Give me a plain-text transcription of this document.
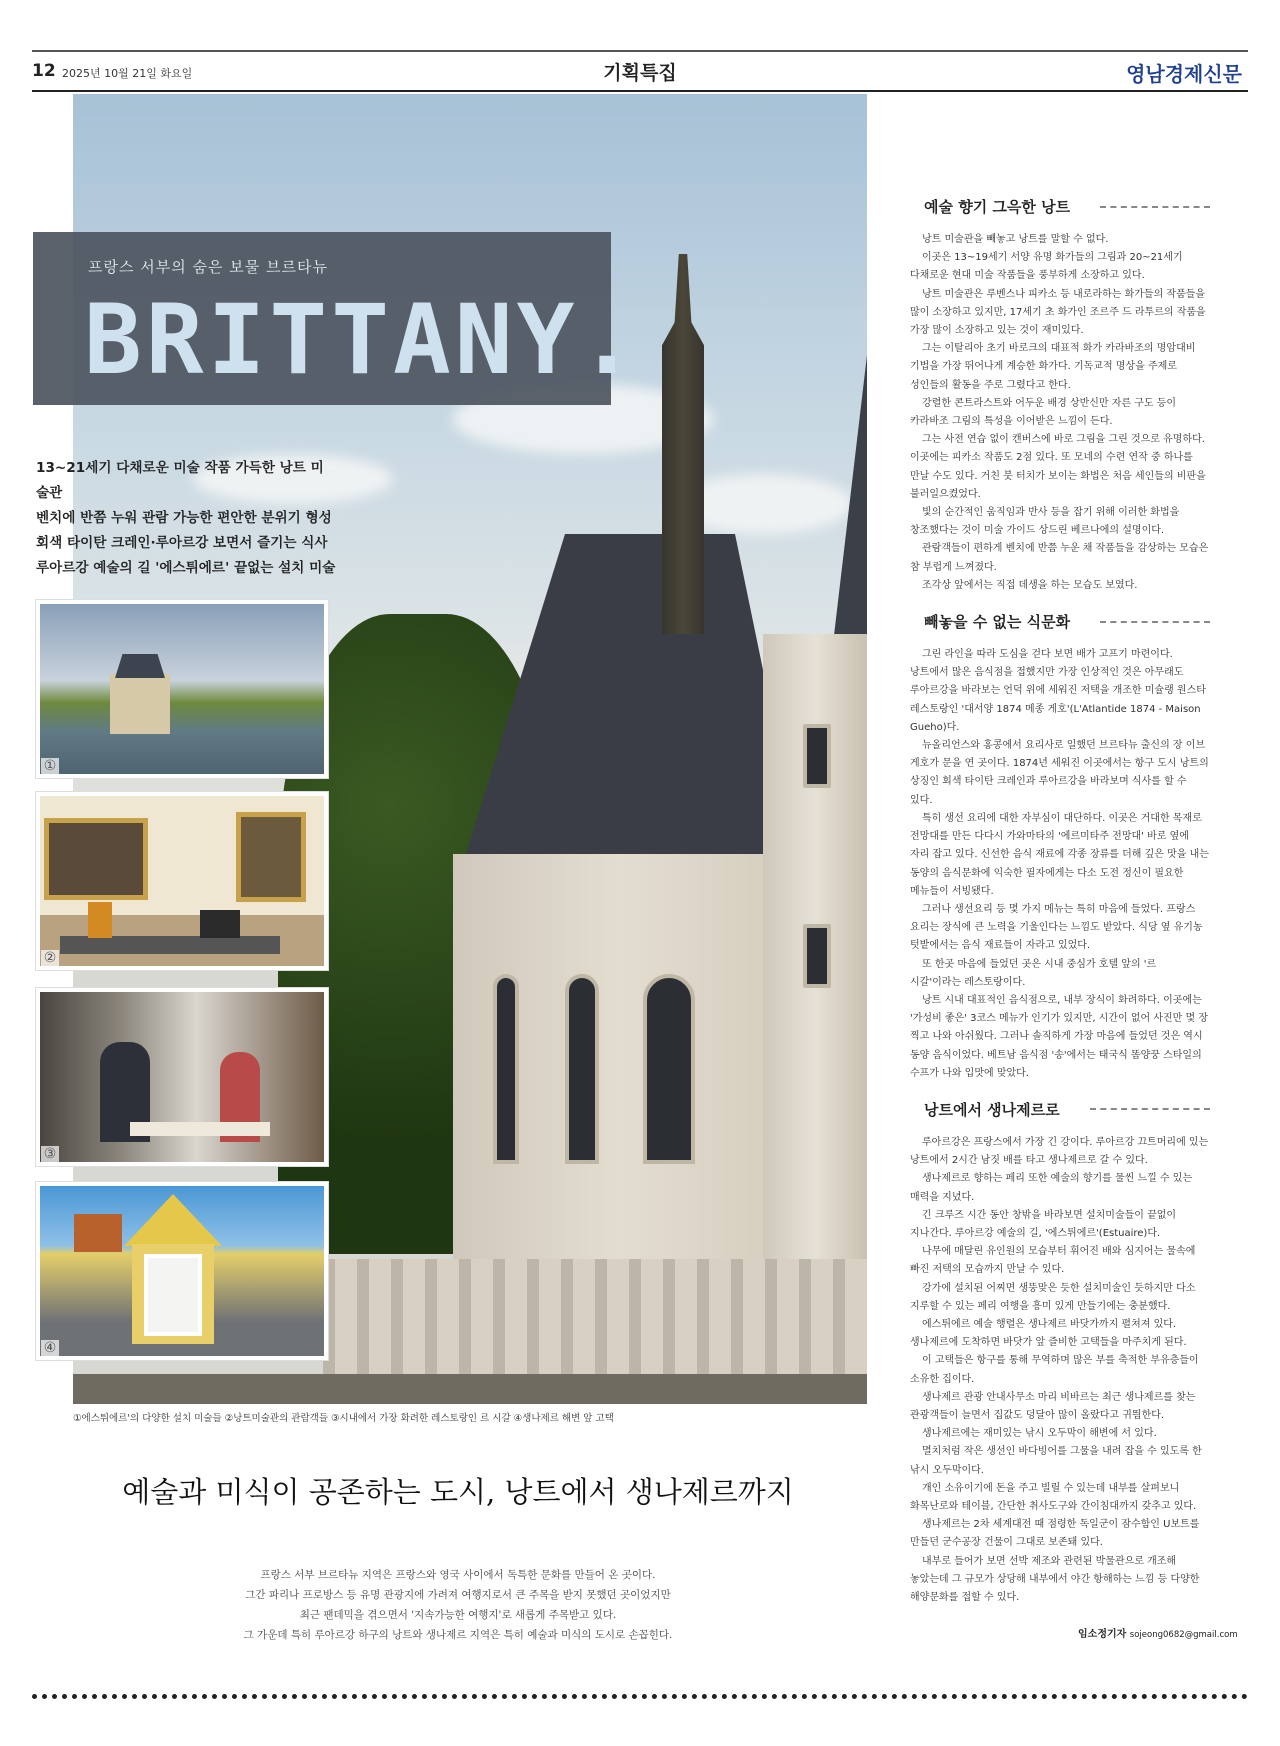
12 2025년 10월 21일 화요일	기획특집	영남경제신문
프랑스 서부의 숨은 보물 브르타뉴
BRITTANY.
13~21세기 다채로운 미술 작품 가득한 낭트 미술관
벤치에 반쯤 누워 관람 가능한 편안한 분위기 형성
회색 타이탄 크레인·루아르강 보면서 즐기는 식사
루아르강 예술의 길 '에스튀에르' 끝없는 설치 미술
①
②
③
④
①에스튀에르'의 다양한 설치 미술들 ②낭트미술관의 관람객들 ③시내에서 가장 화려한 레스토랑인 르 시갈 ④생나제르 해변 앞 고택
예술과 미식이 공존하는 도시, 낭트에서 생나제르까지
프랑스 서부 브르타뉴 지역은 프랑스와 영국 사이에서 독특한 문화를 만들어 온 곳이다.
그간 파리나 프로방스 등 유명 관광지에 가려져 여행지로서 큰 주목을 받지 못했던 곳이었지만
최근 팬데믹을 겪으면서 '지속가능한 여행지'로 새롭게 주목받고 있다.
그 가운데 특히 루아르강 하구의 낭트와 생나제르 지역은 특히 예술과 미식의 도시로 손꼽힌다.
예술 향기 그윽한 낭트

낭트 미술관을 빼놓고 낭트를 말할 수 없다.

이곳은 13~19세기 서양 유명 화가들의 그림과 20~21세기 다채로운 현대 미술 작품들을 풍부하게 소장하고 있다.

낭트 미술관은 루벤스나 피카소 등 내로라하는 화가들의 작품들을 많이 소장하고 있지만, 17세기 초 화가인 조르주 드 라투르의 작품을 가장 많이 소장하고 있는 것이 재미있다.

그는 이탈리아 초기 바로크의 대표적 화가 카라바조의 명암대비 기법을 가장 뛰어나게 계승한 화가다. 기독교적 명상을 주제로 성인들의 활동을 주로 그렸다고 한다.

강렬한 콘트라스트와 어두운 배경 상반신만 자른 구도 등이 카라바조 그림의 특성을 이어받은 느낌이 든다.

그는 사전 연습 없이 캔버스에 바로 그림을 그린 것으로 유명하다. 이곳에는 피카소 작품도 2점 있다. 또 모네의 수련 연작 중 하나를 만날 수도 있다. 거친 붓 터치가 보이는 화법은 처음 세인들의 비판을 불러일으켰었다.

빛의 순간적인 움직임과 반사 등을 잡기 위해 이러한 화법을 창조했다는 것이 미술 가이드 상드린 베르나에의 설명이다.

관람객들이 편하게 벤치에 반쯤 누운 채 작품들을 감상하는 모습은 참 부럽게 느껴졌다.

조각상 앞에서는 직접 데생을 하는 모습도 보였다.

빼놓을 수 없는 식문화

그린 라인을 따라 도심을 걷다 보면 배가 고프기 마련이다. 낭트에서 많은 음식점을 접했지만 가장 인상적인 것은 아무래도 루아르강을 바라보는 언덕 위에 세워진 저택을 개조한 미슐랭 원스타 레스토랑인 '대서양 1874 메종 게호'(L'Atlantide 1874 - Maison Gueho)다.

뉴올리언스와 홍콩에서 요리사로 일했던 브르타뉴 출신의 장 이브 게호가 문을 연 곳이다. 1874년 세워진 이곳에서는 항구 도시 낭트의 상징인 회색 타이탄 크레인과 루아르강을 바라보며 식사를 할 수 있다.

특히 생선 요리에 대한 자부심이 대단하다. 이곳은 거대한 목재로 전망대를 만든 다다시 가와마타의 '에르미타주 전망대' 바로 옆에 자리 잡고 있다. 신선한 음식 재료에 각종 장류를 더해 깊은 맛을 내는 동양의 음식문화에 익숙한 필자에게는 다소 도전 정신이 필요한 메뉴들이 서빙됐다.

그러나 생선요리 등 몇 가지 메뉴는 특히 마음에 들었다. 프랑스 요리는 장식에 큰 노력을 기울인다는 느낌도 받았다. 식당 옆 유기농 텃밭에서는 음식 재료들이 자라고 있었다.

또 한곳 마음에 들었던 곳은 시내 중심가 호텔 앞의 '르 시갈'이라는 레스토랑이다.

낭트 시내 대표적인 음식점으로, 내부 장식이 화려하다. 이곳에는 '가성비 좋은' 3코스 메뉴가 인기가 있지만, 시간이 없어 사진만 몇 장 찍고 나와 아쉬웠다. 그러나 솔직하게 가장 마음에 들었던 것은 역시 동양 음식이었다. 베트남 음식점 '송'에서는 태국식 똠양꿍 스타일의 수프가 나와 입맛에 맞았다.

낭트에서 생나제르로

루아르강은 프랑스에서 가장 긴 강이다. 루아르강 끄트머리에 있는 낭트에서 2시간 남짓 배를 타고 생나제르로 갈 수 있다.

생나제르로 향하는 페리 또한 예술의 향기를 물씬 느낄 수 있는 매력을 지녔다.

긴 크루즈 시간 동안 창밖을 바라보면 설치미술들이 끝없이 지나간다. 루아르강 예술의 길, '에스튀에르'(Estuaire)다.

나무에 매달린 유인원의 모습부터 휘어진 배와 심지어는 물속에 빠진 저택의 모습까지 만날 수 있다.

강가에 설치된 어찌면 생뚱맞은 듯한 설치미술인 듯하지만 다소 지루할 수 있는 페리 여행을 흥미 있게 만들기에는 충분했다.

에스튀에르 예술 행렬은 생나제르 바닷가까지 펼쳐져 있다. 생나제르에 도착하면 바닷가 앞 즐비한 고택들을 마주치게 된다.

이 고택들은 항구를 통해 무역하며 많은 부를 축적한 부유층들이 소유한 집이다.

생나제르 관광 안내사무소 마리 비바르는 최근 생나제르를 찾는 관광객들이 늘면서 집값도 덩달아 많이 올랐다고 귀띔한다.

생나제르에는 재미있는 낚시 오두막이 해변에 서 있다.

멸치처럼 작은 생선인 바다빙어를 그물을 내려 잡을 수 있도록 한 낚시 오두막이다.

개인 소유이기에 돈을 주고 빌릴 수 있는데 내부를 살펴보니 화목난로와 테이블, 간단한 취사도구와 간이침대까지 갖추고 있다.

생나제르는 2차 세계대전 때 점령한 독일군이 잠수함인 U보트를 만들던 군수공장 건물이 그대로 보존돼 있다.

내부로 들어가 보면 선박 제조와 관련된 박물관으로 개조해 놓았는데 그 규모가 상당해 내부에서 야간 항해하는 느낌 등 다양한 해양문화를 접할 수 있다.

임소정기자 sojeong0682@gmail.com
